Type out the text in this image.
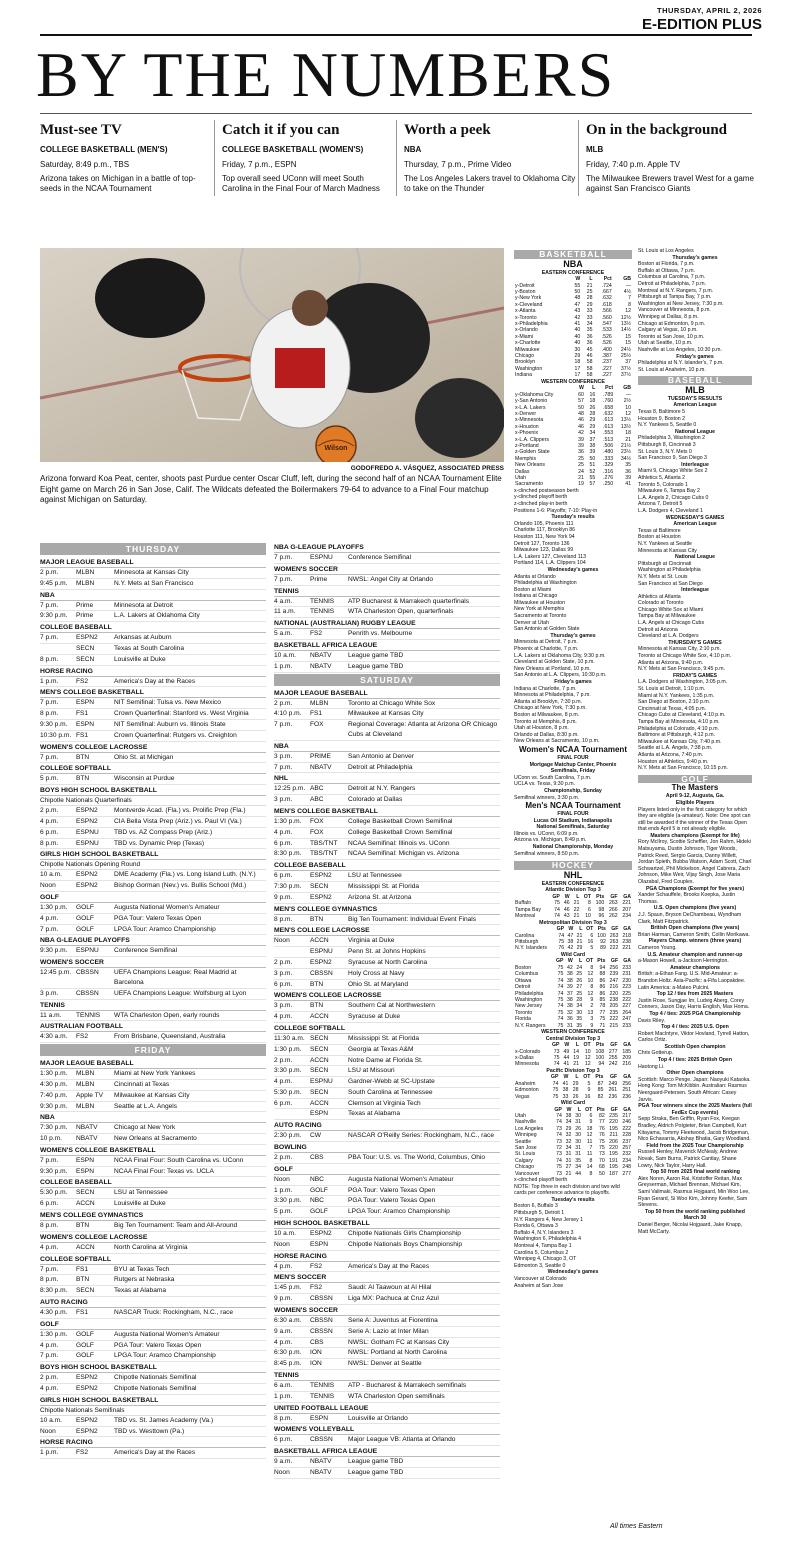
THURSDAY, APRIL 2, 2026
E-EDITION PLUS
BY THE NUMBERS
Must-see TV
COLLEGE BASKETBALL (MEN'S)
Saturday, 8:49 p.m., TBS
Arizona takes on Michigan in a battle of top-seeds in the NCAA Tournament
Catch it if you can
COLLEGE BASKETBALL (WOMEN'S)
Friday, 7 p.m., ESPN
Top overall seed UConn will meet South Carolina in the Final Four of March Madness
Worth a peek
NBA
Thursday, 7 p.m., Prime Video
The Los Angeles Lakers travel to Oklahoma City to take on the Thunder
On in the background
MLB
Friday, 7:40 p.m. Apple TV
The Milwaukee Brewers travel West for a game against San Francisco Giants
Wilson
GODOFREDO A. VÁSQUEZ, ASSOCIATED PRESS
Arizona forward Koa Peat, center, shoots past Purdue center Oscar Cluff, left, during the second half of an NCAA Tournament Elite Eight game on March 26 in San Jose, Calif. The Wildcats defeated the Boilermakers 79-64 to advance to a Final Four matchup against Michigan on Saturday.
THURSDAY
MAJOR LEAGUE BASEBALL
2 p.m.	MLBN	Minnesota at Kansas City
9:45 p.m.	MLBN	N.Y. Mets at San Francisco
NBA
7 p.m.	Prime	Minnesota at Detroit
9:30 p.m.	Prime	L.A. Lakers at Oklahoma City
COLLEGE BASEBALL
7 p.m.	ESPN2	Arkansas at Auburn
SECN	Texas at South Carolina
8 p.m.	SECN	Louisville at Duke
HORSE RACING
1 p.m.	FS2	America's Day at the Races
MEN'S COLLEGE BASKETBALL
7 p.m.	ESPN	NIT Semifinal: Tulsa vs. New Mexico
8 p.m.	FS1	Crown Quarterfinal: Stanford vs. West Virginia
9:30 p.m.	ESPN	NIT Semifinal: Auburn vs. Illinois State
10:30 p.m. FS1	Crown Quarterfinal: Rutgers vs. Creighton
WOMEN'S COLLEGE LACROSSE
7 p.m.	BTN	Ohio St. at Michigan
COLLEGE SOFTBALL
5 p.m.	BTN	Wisconsin at Purdue
BOYS HIGH SCHOOL BASKETBALL
Chipotle Nationals Quarterfinals
2 p.m.	ESPN2	Montverde Acad. (Fla.) vs. Prolific Prep (Fla.)
4 p.m.	ESPN2	CIA Bella Vista Prep (Ariz.) vs. Paul VI (Va.)
6 p.m.	ESPNU	TBD vs. AZ Compass Prep (Ariz.)
8 p.m.	ESPNU	TBD vs. Dynamic Prep (Texas)
GIRLS HIGH SCHOOL BASKETBALL
Chipotle Nationals Opening Round
10 a.m.	ESPN2	DME Academy (Fla.) vs. Long Island Luth. (N.Y.)
Noon	ESPN2	Bishop Gorman (Nev.) vs. Bullis School (Md.)
GOLF
1:30 p.m.	GOLF	Augusta National Women's Amateur
4 p.m.	GOLF	PGA Tour: Valero Texas Open
7 p.m.	GOLF	LPGA Tour: Aramco Championship
NBA G-LEAGUE PLAYOFFS
9:30 p.m.	ESPNU	Conference Semifinal
WOMEN'S SOCCER
12:45 p.m. CBSSN	UEFA Champions League: Real Madrid at Barcelona
3 p.m.	CBSSN	UEFA Champions League: Wolfsburg at Lyon
TENNIS
11 a.m.	TENNIS	WTA Charleston Open, early rounds
AUSTRALIAN FOOTBALL
4:30 a.m.	FS2	From Brisbane, Queensland, Australia
FRIDAY
MAJOR LEAGUE BASEBALL
1:30 p.m.	MLBN	Miami at New York Yankees
4:30 p.m.	MLBN	Cincinnati at Texas
7:40 p.m.	Apple TV	Milwaukee at Kansas City
9:30 p.m.	MLBN	Seattle at L.A. Angels
NBA
7:30 p.m.	NBATV	Chicago at New York
10 p.m.	NBATV	New Orleans at Sacramento
WOMEN'S COLLEGE BASKETBALL
7 p.m.	ESPN	NCAA Final Four: South Carolina vs. UConn
9:30 p.m.	ESPN	NCAA Final Four: Texas vs. UCLA
COLLEGE BASEBALL
5:30 p.m.	SECN	LSU at Tennessee
6 p.m.	ACCN	Louisville at Duke
MEN'S COLLEGE GYMNASTICS
8 p.m.	BTN	Big Ten Tournament: Team and All-Around
WOMEN'S COLLEGE LACROSSE
4 p.m.	ACCN	North Carolina at Virginia
COLLEGE SOFTBALL
7 p.m.	FS1	BYU at Texas Tech
8 p.m.	BTN	Rutgers at Nebraska
8:30 p.m.	SECN	Texas at Alabama
AUTO RACING
4:30 p.m.	FS1	NASCAR Truck: Rockingham, N.C., race
GOLF
1:30 p.m.	GOLF	Augusta National Women's Amateur
4 p.m.	GOLF	PGA Tour: Valero Texas Open
7 p.m.	GOLF	LPGA Tour: Aramco Championship
BOYS HIGH SCHOOL BASKETBALL
2 p.m.	ESPN2	Chipotle Nationals Semifinal
4 p.m.	ESPN2	Chipotle Nationals Semifinal
GIRLS HIGH SCHOOL BASKETBALL
Chipotle Nationals Semifinals
10 a.m.	ESPN2	TBD vs. St. James Academy (Va.)
Noon	ESPN2	TBD vs. Westtown (Pa.)
HORSE RACING
1 p.m.	FS2	America's Day at the Races
NBA G-LEAGUE PLAYOFFS
7 p.m.	ESPNU	Conference Semifinal
WOMEN'S SOCCER
7 p.m.	Prime	NWSL: Angel City at Orlando
TENNIS
4 a.m.	TENNIS	ATP Bucharest & Marrakech quarterfinals
11 a.m.	TENNIS	WTA Charleston Open, quarterfinals
NATIONAL (AUSTRALIAN) RUGBY LEAGUE
5 a.m.	FS2	Penrith vs. Melbourne
BASKETBALL AFRICA LEAGUE
10 a.m.	NBATV	League game TBD
1 p.m.	NBATV	League game TBD
SATURDAY
MAJOR LEAGUE BASEBALL
2 p.m.	MLBN	Toronto at Chicago White Sox
4:10 p.m.	FS1	Milwaukee at Kansas City
7 p.m.	FOX	Regional Coverage: Atlanta at Arizona OR Chicago Cubs at Cleveland
NBA
3 p.m.	PRIME	San Antonio at Denver
7 p.m.	NBATV	Detroit at Philadelphia
NHL
12:25 p.m. ABC	Detroit at N.Y. Rangers
3 p.m.	ABC	Colorado at Dallas
MEN'S COLLEGE BASKETBALL
1:30 p.m.	FOX	College Basketball Crown Semifinal
4 p.m.	FOX	College Basketball Crown Semifinal
6 p.m.	TBS/TNT	NCAA Semifinal: Illinois vs. UConn
8:30 p.m.	TBS/TNT	NCAA Semifinal: Michigan vs. Arizona
COLLEGE BASEBALL
6 p.m.	ESPN2	LSU at Tennessee
7:30 p.m.	SECN	Mississippi St. at Florida
9 p.m.	ESPN2	Arizona St. at Arizona
MEN'S COLLEGE GYMNASTICS
8 p.m.	BTN	Big Ten Tournament: Individual Event Finals
MEN'S COLLEGE LACROSSE
Noon	ACCN	Virginia at Duke
ESPNU	Penn St. at Johns Hopkins
2 p.m.	ESPN2	Syracuse at North Carolina
3 p.m.	CBSSN	Holy Cross at Navy
6 p.m.	BTN	Ohio St. at Maryland
WOMEN'S COLLEGE LACROSSE
3 p.m.	BTN	Southern Cal at Northwestern
4 p.m.	ACCN	Syracuse at Duke
COLLEGE SOFTBALL
11:30 a.m. SECN	Mississippi St. at Florida
1:30 p.m.	SECN	Georgia at Texas A&M
2 p.m.	ACCN	Notre Dame at Florida St.
3:30 p.m.	SECN	LSU at Missouri
4 p.m.	ESPNU	Gardner-Webb at SC-Upstate
5:30 p.m.	SECN	South Carolina at Tennessee
6 p.m.	ACCN	Clemson at Virginia Tech
ESPN	Texas at Alabama
AUTO RACING
2:30 p.m.	CW	NASCAR O'Reilly Series: Rockingham, N.C., race
BOWLING
2 p.m.	CBS	PBA Tour: U.S. vs. The World, Columbus, Ohio
GOLF
Noon	NBC	Augusta National Women's Amateur
1 p.m.	GOLF	PGA Tour: Valero Texas Open
3:30 p.m.	NBC	PGA Tour: Valero Texas Open
5 p.m.	GOLF	LPGA Tour: Aramco Championship
HIGH SCHOOL BASKETBALL
10 a.m.	ESPN2	Chipotle Nationals Girls Championship
Noon	ESPN	Chipotle Nationals Boys Championship
HORSE RACING
4 p.m.	FS2	America's Day at the Races
MEN'S SOCCER
1:45 p.m.	FS2	Saudi: Al Taawoun at Al Hilal
9 p.m.	CBSSN	Liga MX: Pachuca at Cruz Azul
WOMEN'S SOCCER
6:30 a.m.	CBSSN	Serie A: Juventus at Fiorentina
9 a.m.	CBSSN	Serie A: Lazio at Inter Milan
4 p.m.	CBS	NWSL: Gotham FC at Kansas City
6:30 p.m.	ION	NWSL: Portland at North Carolina
8:45 p.m.	ION	NWSL: Denver at Seattle
TENNIS
6 a.m.	TENNIS	ATP - Bucharest & Marrakech semifinals
1 p.m.	TENNIS	WTA Charleston Open semifinals
UNITED FOOTBALL LEAGUE
8 p.m.	ESPN	Louisville at Orlando
WOMEN'S VOLLEYBALL
6 p.m.	CBSSN	Major League VB: Atlanta at Orlando
BASKETBALL AFRICA LEAGUE
9 a.m.	NBATV	League game TBD
Noon	NBATV	League game TBD
BASKETBALL
NBA
EASTERN CONFERENCE
	W	L	Pct	GB
y-Detroit	55	21	.724	—
y-Boston	50	25	.667	4½
y-New York	48	28	.632	7
x-Cleveland	47	29	.618	8
x-Atlanta	43	33	.566	12
x-Toronto	42	33	.560	12½
x-Philadelphia	41	34	.547	13½
x-Orlando	40	35	.533	14½
x-Miami	40	36	.526	15
x-Charlotte	40	36	.526	15
Milwaukee	30	45	.400	24½
Chicago	29	46	.387	25½
Brooklyn	18	58	.237	37
Washington	17	58	.227	37½
Indiana	17	58	.227	37½
WESTERN CONFERENCE
	W	L	Pct	GB
y-Oklahoma City	60	16	.789	—
y-San Antonio	57	18	.760	2½
x-L.A. Lakers	50	26	.658	10
x-Denver	48	28	.632	12
x-Minnesota	46	29	.613	13½
x-Houston	46	29	.613	13½
x-Phoenix	42	34	.553	18
x-L.A. Clippers	39	37	.513	21
z-Portland	39	38	.506	21½
z-Golden State	36	39	.480	23½
Memphis	25	50	.333	34½
New Orleans	25	51	.329	35
Dallas	24	52	.316	36
Utah	21	55	.276	39
Sacramento	19	57	.250	41
x-clinched postseason berth
y-clinched playoff berth
z-clinched play-in berth
Positions 1-6: Playoffs; 7-10: Play-in
Tuesday's results
Orlando 105, Phoenix 111
Charlotte 117, Brooklyn 86
Houston 111, New York 94
Detroit 127, Toronto 136
Milwaukee 123, Dallas 99
L.A. Lakers 127, Cleveland 113
Portland 114, L.A. Clippers 104
Wednesday's games
Atlanta at Orlando
Philadelphia at Washington
Boston at Miami
Indiana at Chicago
Milwaukee at Houston
New York at Memphis
Sacramento at Toronto
Denver at Utah
San Antonio at Golden State
Thursday's games
Minnesota at Detroit, 7 p.m.
Phoenix at Charlotte, 7 p.m.
L.A. Lakers at Oklahoma City, 9:30 p.m.
Cleveland at Golden State, 10 p.m.
New Orleans at Portland, 10 p.m.
San Antonio at L.A. Clippers, 10:30 p.m.
Friday's games
Indiana at Charlotte, 7 p.m.
Minnesota at Philadelphia, 7 p.m.
Atlanta at Brooklyn, 7:30 p.m.
Chicago at New York, 7:30 p.m.
Boston at Milwaukee, 8 p.m.
Toronto at Memphis, 8 p.m.
Utah at Houston, 8 p.m.
Orlando at Dallas, 8:30 p.m.
New Orleans at Sacramento, 10 p.m.
Women's NCAA Tournament
FINAL FOUR
Mortgage Matchup Center, Phoenix
Semifinals, Friday
UConn vs. South Carolina, 7 p.m.
UCLA vs. Texas, 9:30 p.m.
Championship, Sunday
Semifinal winners, 3:30 p.m.
Men's NCAA Tournament
FINAL FOUR
Lucas Oil Stadium, Indianapolis
National Semifinals, Saturday
Illinois vs. UConn, 6:09 p.m.
Arizona vs. Michigan, 8:49 p.m.
National Championship, Monday
Semifinal winners, 8:50 p.m.
HOCKEY
NHL
EASTERN CONFERENCE
Atlantic Division Top 3
	GP	W	L	OT	Pts	GF	GA
Buffalo	75	46	21	8	100	263	221
Tampa Bay	74	46	22	6	98	266	207
Montreal	74	43	21	10	96	262	234
Metropolitan Division Top 3
	GP	W	L	OT	Pts	GF	GA
Carolina	74	47	21	6	100	263	218
Pittsburgh	75	38	21	16	92	263	238
N.Y. Islanders	76	42	29	5	89	222	221
Wild Card
	GP	W	L	OT	Pts	GF	GA
Boston	75	42	24	8	94	256	233
Columbus	75	38	25	12	88	239	231
Ottawa	74	38	26	10	86	247	230
Detroit	74	39	27	8	86	216	223
Philadelphia	74	37	25	12	86	220	225
Washington	75	38	28	9	85	238	222
New Jersey	74	38	34	2	78	205	227
Toronto	75	32	30	13	77	235	264
Florida	74	36	35	3	75	222	247
N.Y. Rangers	75	31	35	9	71	215	233
WESTERN CONFERENCE
Central Division Top 3
	GP	W	L	OT	Pts	GF	GA
x-Colorado	73	49	14	10	108	277	185
x-Dallas	75	44	19	12	100	255	209
Minnesota	74	41	21	12	94	242	216
Pacific Division Top 3
	GP	W	L	OT	Pts	GF	GA
Anaheim	74	41	29	5	87	249	256
Edmonton	75	38	28	9	85	261	251
Vegas	75	33	26	16	82	236	236
Wild Card
	GP	W	L	OT	Pts	GF	GA
Utah	74	38	30	6	82	235	217
Nashville	74	34	31	9	77	220	246
Los Angeles	73	29	26	18	76	195	222
Winnipeg	74	32	30	12	76	211	228
Seattle	73	32	30	11	75	206	237
San Jose	72	34	31	7	75	220	257
St. Louis	73	31	31	11	73	195	232
Calgary	74	31	35	8	70	191	234
Chicago	75	27	34	14	68	195	248
Vancouver	73	21	44	8	50	187	277
x-clinched playoff berth
NOTE: Top three in each division and two wild cards per conference advance to playoffs.
Tuesday's results
Boston 6, Buffalo 3
Pittsburgh 5, Detroit 1
N.Y. Rangers 4, New Jersey 1
Florida 6, Ottawa 3
Buffalo 4, N.Y. Islanders 3
Washington 6, Philadelphia 4
Montreal 4, Tampa Bay 1
Carolina 5, Columbus 2
Winnipeg 4, Chicago 3, OT
Edmonton 3, Seattle 0
Wednesday's games
Vancouver at Colorado
Anaheim at San Jose
St. Louis at Los Angeles
Thursday's games
Boston at Florida, 7 p.m.
Buffalo at Ottawa, 7 p.m.
Columbus at Carolina, 7 p.m.
Detroit at Philadelphia, 7 p.m.
Montreal at N.Y. Rangers, 7 p.m.
Pittsburgh at Tampa Bay, 7 p.m.
Washington at New Jersey, 7:30 p.m.
Vancouver at Minnesota, 8 p.m.
Winnipeg at Dallas, 8 p.m.
Chicago at Edmonton, 9 p.m.
Calgary at Vegas, 10 p.m.
Toronto at San Jose, 10 p.m.
Utah at Seattle, 10 p.m.
Nashville at Los Angeles, 10:30 p.m.
Friday's games
Philadelphia at N.Y. Islander's, 7 p.m.
St. Louis at Anaheim, 10 p.m.
BASEBALL
MLB
TUESDAY'S RESULTS
American League
Texas 8, Baltimore 5
Houston 9, Boston 2
N.Y. Yankees 5, Seattle 0
National League
Philadelphia 3, Washington 2
Pittsburgh 8, Cincinnati 3
St. Louis 3, N.Y. Mets 0
San Francisco 9, San Diego 3
Interleague
Miami 9, Chicago White Sox 2
Athletics 5, Atlanta 2
Toronto 5, Colorado 1
Milwaukee 6, Tampa Bay 2
L.A. Angels 2, Chicago Cubs 0
Arizona 7, Detroit 5
L.A. Dodgers 4, Cleveland 1
WEDNESDAY'S GAMES
American League
Texas at Baltimore
Boston at Houston
N.Y. Yankees at Seattle
Minnesota at Kansas City
National League
Pittsburgh at Cincinnati
Washington at Philadelphia
N.Y. Mets at St. Louis
San Francisco at San Diego
Interleague
Athletics at Atlanta
Colorado at Toronto
Chicago White Sox at Miami
Tampa Bay at Milwaukee
L.A. Angels at Chicago Cubs
Detroit at Arizona
Cleveland at L.A. Dodgers
THURSDAY'S GAMES
Minnesota at Kansas City, 2:10 p.m.
Toronto at Chicago White Sox, 4:10 p.m.
Atlanta at Arizona, 9:40 p.m.
N.Y. Mets at San Francisco, 9:45 p.m.
FRIDAY'S GAMES
L.A. Dodgers at Washington, 3:05 p.m.
St. Louis at Detroit, 1:10 p.m.
Miami at N.Y. Yankees, 1:35 p.m.
San Diego at Boston, 2:10 p.m.
Cincinnati at Texas, 4:05 p.m.
Chicago Cubs at Cleveland, 4:10 p.m.
Tampa Bay at Minnesota, 4:10 p.m.
Philadelphia at Colorado, 4:10 p.m.
Baltimore at Pittsburgh, 4:12 p.m.
Milwaukee at Kansas City, 7:40 p.m.
Seattle at L.A. Angels, 7:38 p.m.
Atlanta at Arizona, 7:40 p.m.
Houston at Athletics, 9:40 p.m.
N.Y. Mets at San Francisco, 10:15 p.m.
GOLF
The Masters
April 9-12, Augusta, Ga.
Eligible Players
Players listed only in the first category for which they are eligible (a-amateur). Note: One spot can still be awarded if the winner of the Texas Open that ends April 5 is not already eligible.
Masters champions (Exempt for life)
Rory McIlroy, Scottie Scheffler, Jon Rahm, Hideki Matsuyama, Dustin Johnson, Tiger Woods, Patrick Reed, Sergio Garcia, Danny Willett, Jordan Spieth, Bubba Watson, Adam Scott, Charl Schwartzel, Phil Mickelson, Angel Cabrera, Zach Johnson, Mike Weir, Vijay Singh, Jose Maria Olazabal, Fred Couples.
PGA Champions (Exempt for five years)
Xander Schauffele, Brooks Koepka, Justin Thomas.
U.S. Open champions (five years)
J.J. Spaun, Bryson DeChambeau, Wyndham Clark, Matt Fitzpatrick.
British Open champions (five years)
Brian Harman, Cameron Smith, Collin Morikawa.
Players Champ. winners (three years)
Cameron Young.
U.S. Amateur champion and runner-up
a-Mason Howell, a-Jackson Herrington.
Amateur champions
British: a-Ethan Fang. U.S. Mid-Amateur: a-Brandon Holtz. Asia-Pacific: a-Fifa Laopakdee. Latin America: a-Mateo Pulcini.
Top 12 / ties from 2025 Masters
Justin Rose, Sungjae Im, Ludvig Aberg, Corey Conners, Jason Day, Harris English, Max Homa.
Top 4 / ties: 2025 PGA Championship
Davis Riley.
Top 4 / ties: 2025 U.S. Open
Robert MacIntyre, Viktor Hovland, Tyrrell Hatton, Carlos Ortiz.
Scottish Open champion
Chris Gotterup.
Top 4 / ties: 2025 British Open
Haotong Li.
Other Open champions
Scottish: Marco Penge. Japan: Naoyuki Kataoka. Hong Kong: Tom McKibbin. Australian: Rasmus Neergaard-Petersen. South African: Casey Jarvis.
PGA Tour winners since the 2025 Masters (full FedEx Cup events)
Sepp Straka, Ben Griffin, Ryan Fox, Keegan Bradley, Aldrich Potgieter, Brian Campbell, Kurt Kitayama, Tommy Fleetwood, Jacob Bridgeman, Nico Echavarria, Akshay Bhatia, Gary Woodland.
Field from the 2025 Tour Championship
Russell Henley, Maverick McNealy, Andrew Novak, Sam Burns, Patrick Cantlay, Shane Lowry, Nick Taylor, Harry Hall.
Top 50 from 2025 final world ranking
Alex Noren, Aaron Rai, Kristoffer Reitan, Max Greyserman, Michael Brennan, Michael Kim, Sami Valimaki, Rasmus Hojgaard, Min Woo Lee, Ryan Gerard, Si Woo Kim, Johnny Keefer, Sam Stevens.
Top 50 from the world ranking published March 30
Daniel Berger, Nicolai Hojgaard, Jake Knapp, Matt McCarty.
All times Eastern
